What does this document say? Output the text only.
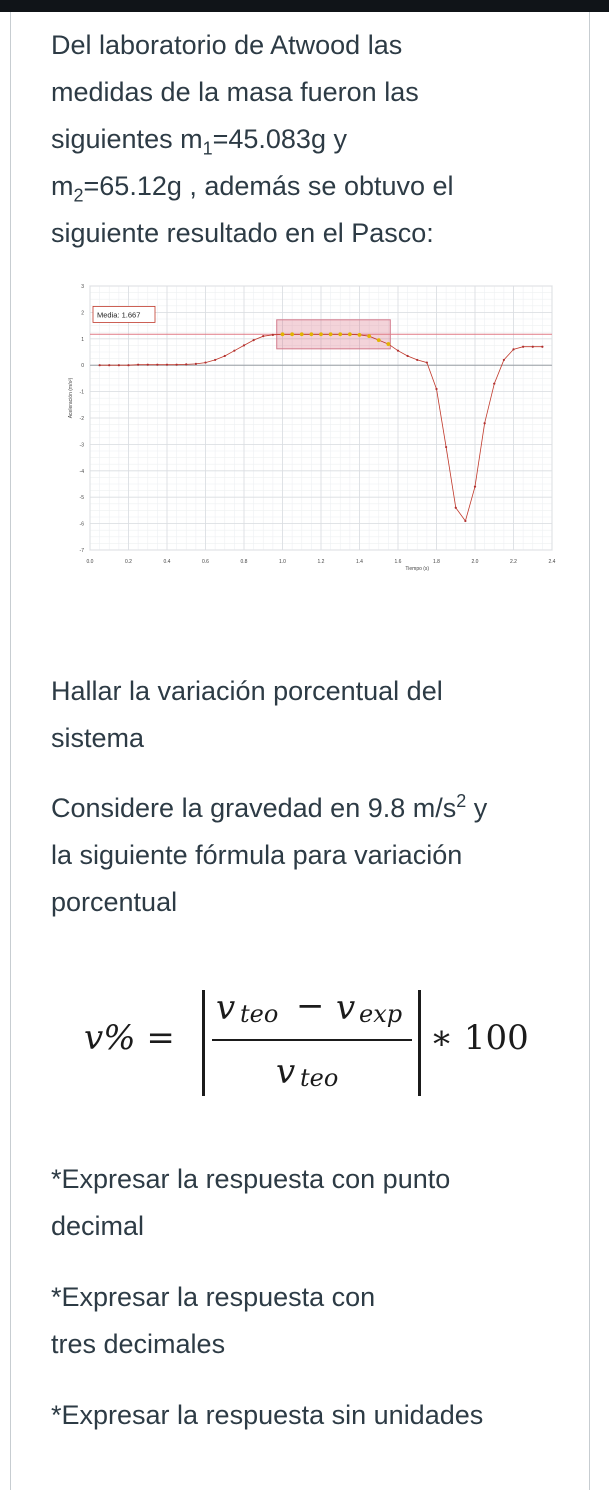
Del laboratorio de Atwood las

medidas de la masa fueron las

siguientes $m_1=45.083g$ y

$m_2=65.12g$ , además se obtuvo el

siguiente resultado en el Pasco:

0.0	0.2	0.4	0.6	0.8	1.0	1.2	1.4	1.6	1.8	2.0	2.2	2.4
3
2
1
0
-1
-2
-3
-4
-5
-6
-7
Tiempo (s)
Aceleración (m/s²)
Media: 1.667

Hallar la variación porcentual del

sistema

Considere la gravedad en 9.8 $m/s^2$ y

la siguiente fórmula para variación

porcentual

v% =
v teo − v exp
v teo
∗ 100

*Expresar la respuesta con punto

decimal

*Expresar la respuesta con

tres decimales

*Expresar la respuesta sin unidades
